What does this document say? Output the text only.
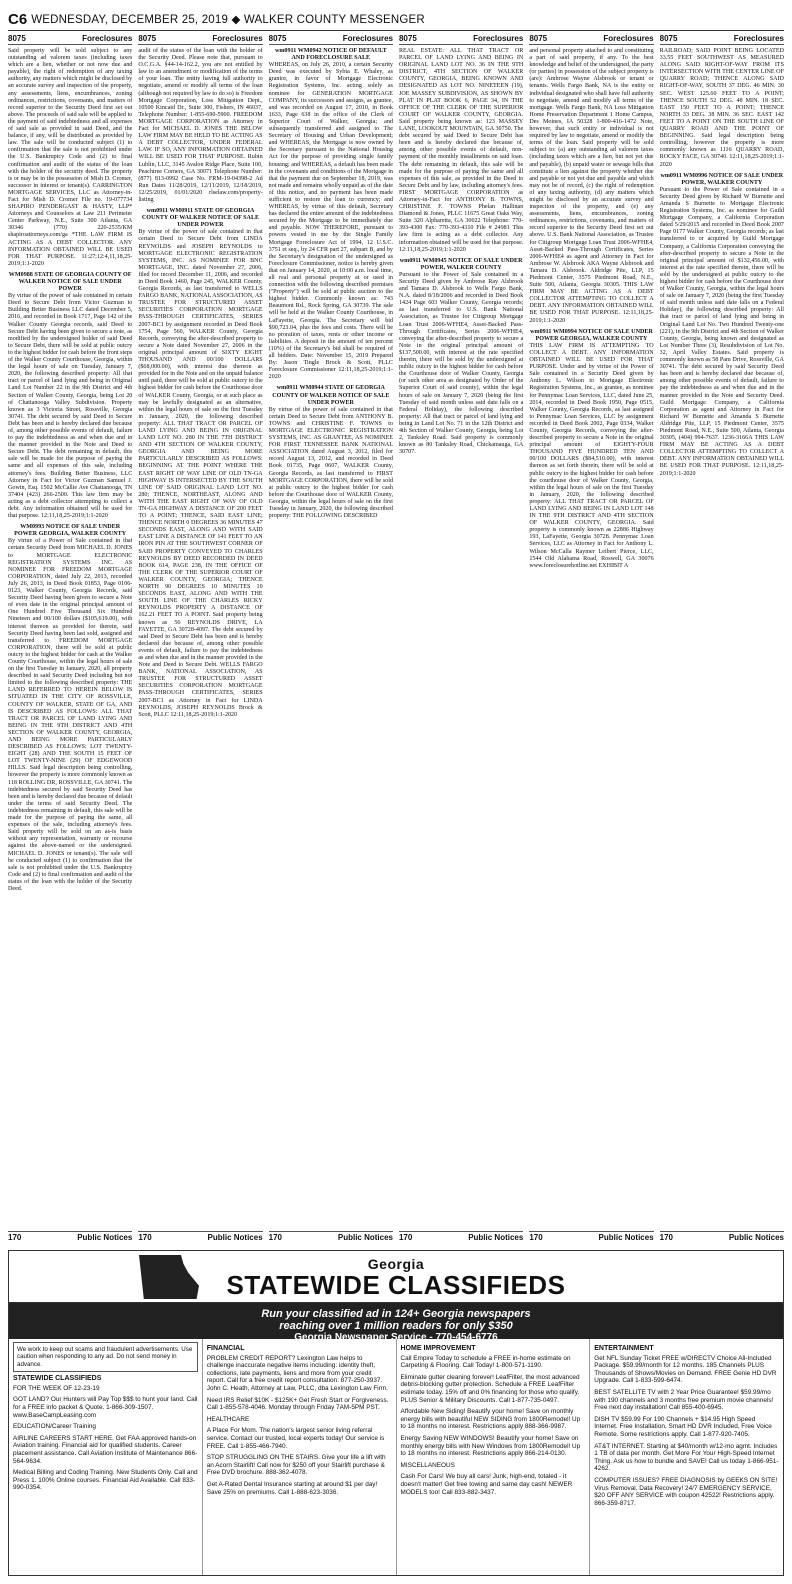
C6 WEDNESDAY, DECEMBER 25, 2019 ◆ WALKER COUNTY MESSENGER
8075	Foreclosures
Said property will be sold subject to any outstanding ad valorem taxes (including taxes which are a lien, whether or not now due and payable), the right of redemption of any taxing authority, any matters which might be disclosed by an accurate survey and inspection of the property, any assessments, liens, encumbrances, zoning ordinances, restrictions, covenants, and matters of record superior to the Security Deed first set out above. The proceeds of said sale will be applied to the payment of said indebtedness and all expenses of said sale as provided in said Deed, and the balance, if any, will be distributed as provided by law. The sale will be conducted subject (1) to confirmation that the sale is not prohibited under the U.S. Bankruptcy Code and (2) to final confirmation and audit of the status of the loan with the holder of the security deed. The property is or may be in the possession of Mish D. Cromer, successor in interest or tenant(s). CARRINGTON MORTGAGE SERVICES, LLC as Attorney-in-Fact for Mish D. Cromer File no. 19-077734 SHAPIRO PENDERGAST & HASTY, LLP* Attorneys and Counselors at Law 211 Perimeter Center Parkway, N.E., Suite 300 Atlanta, GA 30346 (770) 220-2535/KM shapiroattorneys.com/ga *THE LAW FIRM IS ACTING AS A DEBT COLLECTOR. ANY INFORMATION OBTAINED WILL BE USED FOR THAT PURPOSE. 11:27;12:4,11,18,25-2019;1:1-2020
WM0988 STATE OF GEORGIA COUNTY OF WALKER NOTICE OF SALE UNDER POWER
By virtue of the power of sale contained in certain Deed to Secure Debt from Victor Guzman to Building Better Business LLC dated December 5, 2016, and recorded in Book 1717, Page 142 of the Walker County Georgia records, said Deed to Secure Debt having been given to secure a note, as modified by the undersigned holder of said Deed to Secure Debt, there will be sold at public outcry to the highest bidder for cash before the front steps of the Walker County Courthouse, Georgia, within the legal hours of sale on Tuesday, January 7, 2020, the following described property: All that tract or parcel of land lying and being in Original Land Lot Number 22 in the 9th District and 4th Section of Walker County, Georgia, being Lot 20 of Chattanooga Valley Subdivision. Property known as 3 Victoria Street, Rossville, Georgia 30741. The debt secured by said Deed to Secure Debt has been and is hereby declared due because of, among other possible events of default, failure to pay the indebtedness as and when due and in the manner provided in the Note and Deed to Secure Debt. The debt remaining in default, this sale will be made for the purpose of paying the same and all expenses of this sale, including attorney's fees. Building Better Business, LLC Attorney in Fact for Victor Guzman Samuel J. Gowin, Esq. 1502 McCallie Ave Chattanooga, TN 37404 (423) 266-2500. This law firm may be acting as a debt collector attempting to collect a debt. Any information obtained will be used for that purpose. 12:11,18,25-2019;1:1-2020
WM0993 NOTICE OF SALE UNDER POWER GEORGIA, WALKER COUNTY
By virtue of a Power of Sale contained in that certain Security Deed from MICHAEL D. JONES to MORTGAGE ELECTRONIC REGISTRATION SYSTEMS INC. AS NOMINEE FOR FREEDOM MORTGAGE CORPORATION, dated July 22, 2013, recorded July 26, 2013, in Deed Book 01853, Page 0106-0123, Walker County, Georgia Records, said Security Deed having been given to secure a Note of even date in the original principal amount of One Hundred Five Thousand Six Hundred Nineteen and 00/100 dollars ($105,619.00), with interest thereon as provided for therein, said Security Deed having been last sold, assigned and transferred to FREEDOM MORTGAGE CORPORATION, there will be sold at public outcry to the highest bidder for cash at the Walker County Courthouse, within the legal hours of sale on the first Tuesday in January, 2020, all property described in said Security Deed including but not limited to the following described property: THE LAND REFERRED TO HEREIN BELOW IS SITUATED IN THE CITY OF ROSSVILLE, COUNTY OF WALKER, STATE OF GA, AND IS DESCRIBED AS FOLLOWS: ALL THAT TRACT OR PARCEL OF LAND LYING AND BEING IN THE 9TH DISTRICT AND 4TH SECTION OF WALKER COUNTY, GEORGIA, AND BEING MORE PARTICULARLY DESCRIBED AS FOLLOWS: LOT TWENTY-EIGHT (28) AND THE SOUTH 15 FEET OF LOT TWENTY-NINE (29) OF EDGEWOOD HILLS. Said legal description being controlling, however the property is more commonly known as 118 ROLLING DR, ROSSVILLE, GA 30741. The indebtedness secured by said Security Deed has been and is hereby declared due because of default under the terms of said Security Deed. The indebtedness remaining in default, this sale will be made for the purpose of paying the same, all expenses of the sale, including attorney's fees. Said property will be sold on an as-is basis without any representation, warranty or recourse against the above-named or the undersigned. MICHAEL D. JONES or tenant(s). The sale will be conducted subject (1) to confirmation that the sale is not prohibited under the U.S. Bankruptcy Code and (2) to final confirmation and audit of the status of the loan with the holder of the Security Deed.
170	Public Notices
8075	Foreclosures
audit of the status of the loan with the holder of the Security Deed. Please note that, pursuant to O.C.G.A. §44-14-162.2, you are not entitled by law to an amendment or modification of the terms of your loan. The entity having full authority to negotiate, amend or modify all terms of the loan (although not required by law to do so) is Freedom Mortgage Corporation, Loss Mitigation Dept., 10500 Kincaid Dr., Suite 300, Fishers, IN 46037, Telephone Number: 1-855-690-5900. FREEDOM MORTGAGE CORPORATION as Attorney in Fact for MICHAEL D. JONES THE BELOW LAW FIRM MAY BE HELD TO BE ACTING AS A DEBT COLLECTOR, UNDER FEDERAL LAW. IF SO, ANY INFORMATION OBTAINED WILL BE USED FOR THAT PURPOSE. Rubin Lublin, LLC, 3145 Avalon Ridge Place, Suite 100, Peachtree Corners, GA 30071 Telephone Number: (877) 813-0992 Case No. FRM-19-04398-2 Ad Run Dates 11/28/2019, 12/11/2019, 12/18/2019, 12/25/2019, 01/01/2020 rlselaw.com/property-listing
wm0911 WM0911 STATE OF GEORGIA COUNTY OF WALKER NOTICE OF SALE UNDER POWER
By virtue of the power of sale contained in that certain Deed to Secure Debt from LINDA REYNOLDS and JOSEPH REYNOLDS to MORTGAGE ELECTRONIC REGISTRATION SYSTEMS, INC. AS NOMINEE FOR BNC MORTGAGE, INC. dated November 27, 2006, filed for record December 11, 2006, and recorded in Deed Book 1460, Page 245, WALKER County, Georgia Records, as last transferred to WELLS FARGO BANK, NATIONAL ASSOCIATION, AS TRUSTEE FOR STRUCTURED ASSET SECURITIES CORPORATION MORTGAGE PASS-THROUGH CERTIFICATES, SERIES 2007-BC1 by assignment recorded in Deed Book 1754, Page 560, WALKER County, Georgia Records, conveying the after-described property to secure a Note dated November 27, 2006 in the original principal amount of SIXTY EIGHT THOUSAND AND 00/100 DOLLARS ($68,000.00), with interest due thereon as provided for in the Note and on the unpaid balance until paid, there will be sold at public outcry to the highest bidder for cash before the Courthouse door of WALKER County, Georgia, or at such place as may be lawfully designated as an alternative, within the legal hours of sale on the first Tuesday in January, 2020, the following described property: ALL THAT TRACT OR PARCEL OF LAND LYING AND BEING IN ORIGINAL LAND LOT NO. 280 IN THE 7TH DISTRICT AND 4TH SECTION OF WALKER COUNTY, GEORGIA AND BEING MORE PARTICULARLY DESCRIBED AS FOLLOWS: BEGINNING AT THE POINT WHERE THE EAST RIGHT OF WAY LINE OF OLD TN-GA HIGHWAY IS INTERSECTED BY THE SOUTH LINE OF SAID ORIGINAL LAND LOT NO. 280; THENCE, NORTHEAST, ALONG AND WITH THE EAST RIGHT OF WAY OF OLD TN-GA HIGHWAY A DISTANCE OF 200 FEET TO A POINT; THENCE, SAID EAST LINE; THENCE NORTH 0 DEGREES 36 MINUTES 47 SECONDS EAST, ALONG AND WITH SAID EAST LINE A DISTANCE OF 141 FEET TO AN IRON PIN AT THE SOUTHWEST CORNER OF SAID PROPERTY CONVEYED TO CHARLES REYNOLDS BY DEED RECORDED IN DEED BOOK 614, PAGE 238, IN THE OFFICE OF THE CLERK OF THE SUPERIOR COURT OF WALKER COUNTY, GEORGIA; THENCE NORTH 90 DEGREES 10 MINUTES 10 SECONDS EAST, ALONG AND WITH THE SOUTH LINE OF THE CHARLES RICKY REYNOLDS PROPERTY A DISTANCE OF 162.21 FEET TO A POINT. Said property being known as 56 REYNOLDS DRIVE, LA FAYETTE, GA 30728-4097. The debt secured by said Deed to Secure Debt has been and is hereby declared due because of, among other possible events of default, failure to pay the indebtedness as and when due and in the manner provided in the Note and Deed to Secure Debt. WELLS FARGO BANK, NATIONAL ASSOCIATION, AS TRUSTEE FOR STRUCTURED ASSET SECURITIES CORPORATION MORTGAGE PASS-THROUGH CERTIFICATES, SERIES 2007-BC1 as Attorney in Fact for LINDA REYNOLDS, JOSEPH REYNOLDS Brock & Scott, PLLC 12:11,18,25-2019;1:1-2020
170	Public Notices
8075	Foreclosures
wm0911 WM0942 NOTICE OF DEFAULT AND FORECLOSURE SALE
WHEREAS, on July 26, 2010, a certain Security Deed was executed by Sybia E. Whaley, as grantor, in favor of Mortgage Electronic Registration Systems, Inc. acting solely as nominee for GENERATION MORTGAGE COMPANY, its successors and assigns, as grantee, and was recorded on August 17, 2010, in Book 1633, Page 638 in the office of the Clerk of Superior Court of Walker, Georgia; and subsequently transferred and assigned to The Secretary of Housing and Urban Development; and WHEREAS, the Mortgage is now owned by the Secretary pursuant to the National Housing Act for the purpose of providing single family housing; and WHEREAS, a default has been made in the covenants and conditions of the Mortgage in that the payment due on September 18, 2019, was not made and remains wholly unpaid as of the date of this notice, and no payment has been made sufficient to restore the loan to currency; and WHEREAS, by virtue of this default, Secretary has declared the entire amount of the indebtedness secured by the Mortgage to be immediately due and payable. NOW THEREFORE, pursuant to powers vested in me by the Single Family Mortgage Foreclosure Act of 1994, 12 U.S.C. 3751 et seq., by 24 CFR part 27, subpart B, and by the Secretary's designation of the undersigned as Foreclosure Commissioner, notice is hereby given that on January 14, 2020, at 10:00 a.m. local time, all real and personal property at or used in connection with the following described premises ("Property") will be sold at public auction to the highest bidder. Commonly known as: 743 Beaumont Rd., Rock Spring, GA 30739. The sale will be held at the Walker County Courthouse, in LaFayette, Georgia. The Secretary will bid $90,723.04, plus the fees and costs. There will be no proration of taxes, rents or other income or liabilities. A deposit in the amount of ten percent (10%) of the Secretary's bid shall be required of all bidders. Date: November 15, 2019 Prepared By: Jason Tingle Brock & Scott, PLLC Foreclosure Commissioner 12:11,18,25-2019;1:1-2020
wm0911 WM0944 STATE OF GEORGIA COUNTY OF WALKER NOTICE OF SALE UNDER POWER
By virtue of the power of sale contained in that certain Deed to Secure Debt from ANTHONY B. TOWNS and CHRISTINE F. TOWNS to MORTGAGE ELECTRONIC REGISTRATION SYSTEMS, INC. AS GRANTEE, AS NOMINEE FOR FIRST TENNESSEE BANK NATIONAL ASSOCIATION dated August 3, 2012, filed for record August 13, 2012, and recorded in Deed Book 01735, Page 0607, WALKER County, Georgia Records, as last transferred to FIRST MORTGAGE CORPORATION, there will be sold at public outcry to the highest bidder for cash before the Courthouse door of WALKER County, Georgia, within the legal hours of sale on the first Tuesday in January, 2020, the following described property: THE FOLLOWING DESCRIBED
170	Public Notices
8075	Foreclosures
REAL ESTATE: ALL THAT TRACT OR PARCEL OF LAND LYING AND BEING IN ORIGINAL LAND LOT NO. 36 IN THE 9TH DISTRICT, 4TH SECTION OF WALKER COUNTY, GEORGIA, BEING KNOWN AND DESIGNATED AS LOT NO. NINETEEN (19), JOE MASSEY SUBDIVISION, AS SHOWN BY PLAT IN PLAT BOOK 6, PAGE 34, IN THE OFFICE OF THE CLERK OF THE SUPERIOR COURT OF WALKER COUNTY, GEORGIA. Said property being known as: 123 MASSEY LANE, LOOKOUT MOUNTAIN, GA 30750. The debt secured by said Deed to Secure Debt has been and is hereby declared due because of, among other possible events of default, non-payment of the monthly installments on said loan. The debt remaining in default, this sale will be made for the purpose of paying the same and all expenses of this sale, as provided in the Deed to Secure Debt and by law, including attorney's fees. FIRST MORTGAGE CORPORATION as Attorney-in-Fact for ANTHONY B. TOWNS, CHRISTINE F. TOWNS Phelan Hallinan Diamond & Jones, PLLC 11675 Great Oaks Way, Suite 320 Alpharetta, GA 30022 Telephone: 770-393-4300 Fax: 770-393-4310 File # 24981 This law firm is acting as a debt collector. Any information obtained will be used for that purpose. 12:11,18,25-2019;1:1-2020
wm0911 WM0945 NOTICE OF SALE UNDER POWER, WALKER COUNTY
Pursuant to the Power of Sale contained in a Security Deed given by Ambrose Ray Alsbrook and Tamara D. Alsbrook to Wells Fargo Bank, N.A. dated 8/18/2006 and recorded in Deed Book 1424 Page 603 Walker County, Georgia records; as last transferred to U.S. Bank National Association, as Trustee for Citigroup Mortgage Loan Trust 2006-WFHE4, Asset-Backed Pass-Through Certificates, Series 2006-WFHE4, conveying the after-described property to secure a Note in the original principal amount of $137,500.00, with interest at the rate specified therein, there will be sold by the undersigned at public outcry to the highest bidder for cash before the Courthouse door of Walker County, Georgia (or such other area as designated by Order of the Superior Court of said county), within the legal hours of sale on January 7, 2020 (being the first Tuesday of said month unless said date falls on a Federal Holiday), the following described property: All that tract or parcel of land lying and being in Land Lot No. 71 in the 12th District and 4th Section of Walker County, Georgia, being Lot 2, Tanksley Road. Said property is commonly known as 80 Tanksley Road, Chickamauga, GA 30707.
170	Public Notices
8075	Foreclosures
and personal property attached to and constituting a part of said property, if any. To the best knowledge and belief of the undersigned, the party (or parties) in possession of the subject property is (are): Ambrose Wayne Alsbrook or tenant or tenants. Wells Fargo Bank, NA is the entity or individual designated who shall have full authority to negotiate, amend and modify all terms of the mortgage. Wells Fargo Bank, NA Loss Mitigation Home Preservation Department 1 Home Campus, Des Moines, IA 50328 1-800-416-1472 Note, however, that such entity or individual is not required by law to negotiate, amend or modify the terms of the loan. Said property will be sold subject to: (a) any outstanding ad valorem taxes (including taxes which are a lien, but not yet due and payable), (b) unpaid water or sewage bills that constitute a lien against the property whether due and payable or not yet due and payable and which may not be of record, (c) the right of redemption of any taxing authority, (d) any matters which might be disclosed by an accurate survey and inspection of the property, and (e) any assessments, liens, encumbrances, zoning ordinances, restrictions, covenants, and matters of record superior to the Security Deed first set out above. U.S. Bank National Association, as Trustee for Citigroup Mortgage Loan Trust 2006-WFHE4, Asset-Backed Pass-Through Certificates, Series 2006-WFHE4 as agent and Attorney in Fact for Ambrose W. Alsbrook AKA Wayne Alsbrook and Tamara D. Alsbrook. Aldridge Pite, LLP, 15 Piedmont Center, 3575 Piedmont Road, N.E., Suite 500, Atlanta, Georgia 30305. THIS LAW FIRM MAY BE ACTING AS A DEBT COLLECTOR ATTEMPTING TO COLLECT A DEBT. ANY INFORMATION OBTAINED WILL BE USED FOR THAT PURPOSE. 12:11,18,25-2019;1:1-2020
wm0911 WM0994 NOTICE OF SALE UNDER POWER GEORGIA, WALKER COUNTY
THIS LAW FIRM IS ATTEMPTING TO COLLECT A DEBT. ANY INFORMATION OBTAINED WILL BE USED FOR THAT PURPOSE. Under and by virtue of the Power of Sale contained in a Security Deed given by Anthony L. Wilson to Mortgage Electronic Registration Systems, Inc., as grantee, as nominee for Pennymac Loan Services, LLC, dated June 25, 2014, recorded in Deed Book 1950, Page 0515, Walker County, Georgia Records, as last assigned to Pennymac Loan Services, LLC by assignment recorded in Deed Book 2002, Page 0334, Walker County, Georgia Records, conveying the after-described property to secure a Note in the original principal amount of EIGHTY-FOUR THOUSAND FIVE HUNDRED TEN AND 00/100 DOLLARS ($84,510.00), with interest thereon as set forth therein, there will be sold at public outcry to the highest bidder for cash before the courthouse door of Walker County, Georgia, within the legal hours of sale on the first Tuesday in January, 2020, the following described property: ALL THAT TRACT OR PARCEL OF LAND LYING AND BEING IN LAND LOT 148 IN THE 9TH DISTRICT AND 4TH SECTION OF WALKER COUNTY, GEORGIA. Said property is commonly known as 22886 Highway 193, LaFayette, Georgia 30728. Pennymac Loan Services, LLC as Attorney in Fact for Anthony L. Wilson McCalla Raymer Leibert Pierce, LLC, 1544 Old Alabama Road, Roswell, GA 30076 www.foreclosurehotline.net EXHIBIT A
170	Public Notices
8075	Foreclosures
RAILROAD; SAID POINT BEING LOCATED 33.55 FEET SOUTHWEST AS MEASURED ALONG SAID RIGHT-OF-WAY FROM ITS INTERSECTION WITH THE CENTER LINE OF QUARRY ROAD; THENCE ALONG SAID RIGHT-OF-WAY, SOUTH 37 DEG. 46 MIN. 30 SEC. WEST 125.60 FEET TO A POINT; THENCE SOUTH 52 DEG. 48 MIN. 18 SEC. EAST 150 FEET TO A POINT; THENCE NORTH 33 DEG. 38 MIN. 36 SEC. EAST 142 FEET TO A POINT ON THE SOUTH LINE OF QUARRY ROAD AND THE POINT OF BEGINNING. Said legal description being controlling, however the property is more commonly known as 1116 QUARRY ROAD, ROCKY FACE, GA 30740. 12:11,18,25-2019;1:1-2020
wm0911 WM0996 NOTICE OF SALE UNDER POWER, WALKER COUNTY
Pursuant to the Power of Sale contained in a Security Deed given by Richard W Burnette and Amanda S Burnette to Mortgage Electronic Registration Systems, Inc. as nominee for Guild Mortgage Company, a California Corporation dated 5/29/2015 and recorded in Deed Book 2007 Page 0177 Walker County, Georgia records; as last transferred to or acquired by Guild Mortgage Company, a California Corporation conveying the after-described property to secure a Note in the original principal amount of $132,456.00, with interest at the rate specified therein, there will be sold by the undersigned at public outcry to the highest bidder for cash before the Courthouse door of Walker County, Georgia, within the legal hours of sale on January 7, 2020 (being the first Tuesday of said month unless said date falls on a Federal Holiday), the following described property: All that tract or parcel of land lying and being in Original Land Lot No. Two Hundred Twenty-one (221), in the 9th District and 4th Section of Walker County, Georgia, being known and designated as Lot Number Three (3), Resubdivision of Lot No. 32, April Valley Estates. Said property is commonly known as 58 Pam Drive, Rossville, GA 30741. The debt secured by said Security Deed has been and is hereby declared due because of, among other possible events of default, failure to pay the indebtedness as and when due and in the manner provided in the Note and Security Deed. Guild Mortgage Company, a California Corporation as agent and Attorney in Fact for Richard W Burnette and Amanda S Burnette Aldridge Pite, LLP, 15 Piedmont Center, 3575 Piedmont Road, N.E., Suite 500, Atlanta, Georgia 30305, (404) 994-7637. 1236-3166A THIS LAW FIRM MAY BE ACTING AS A DEBT COLLECTOR ATTEMPTING TO COLLECT A DEBT. ANY INFORMATION OBTAINED WILL BE USED FOR THAT PURPOSE. 12:11,18,25-2019;1:1-2020
170	Public Notices
Georgia
STATEWIDE CLASSIFIEDS
Run your classified ad in 124+ Georgia newspapers
reaching over 1 million readers for only $350
Georgia Newspaper Service - 770-454-6776
We work to keep out scams and fraudulent advertisements. Use caution when responding to any ad. Do not send money in advance.
STATEWIDE CLASSIFIEDS
FOR THE WEEK OF 12-23-19
GOT LAND? Our Hunters will Pay Top $$$ to hunt your land. Call for a FREE info packet & Quote. 1-866-309-1507. www.BaseCampLeasing.com
EDUCATION/Career Training
AIRLINE CAREERS START HERE. Get FAA approved hands-on Aviation training. Financial aid for qualified students. Career placement assistance. Call Aviation Institute of Maintenance 866-564-9634.
Medical Billing and Coding Training. New Students Only. Call and Press 1. 100% Online courses. Financial Aid Available. Call 833-990-0354.
FINANCIAL
PROBLEM CREDIT REPORT? Lexington Law helps to challenge inaccurate negative items including: identity theft, collections, late payments, liens and more from your credit report. Call for a free credit report consultation: 877-250-3937. John C. Heath, Attorney at Law, PLLC, dba Lexington Law Firm.
Need IRS Relief $10K - $125K+ Get Fresh Start or Forgiveness. Call 1-855-578-4046. Monday through Friday 7AM-5PM PST.
HEALTHCARE
A Place For Mom. The nation's largest senior living referral service. Contact our trusted, local experts today! Our service is FREE. Call 1-855-466-7940.
STOP STRUGGLING ON THE STAIRS. Give your life a lift with an Acorn Stairlift! Call now for $250 off your Stairlift purchase & Free DVD brochure. 888-362-4078.
Get A-Rated Dental Insurance starting at around $1 per day! Save 25% on premiums. Call 1-888-623-3036.
HOME IMPROVEMENT
Call Empire Today to schedule a FREE in-home estimate on Carpeting & Flooring. Call Today! 1-800-571-1190.
Eliminate gutter cleaning forever! LeafFilter, the most advanced debris-blocking gutter protection. Schedule a FREE LeafFilter estimate today. 15% off and 0% financing for those who qualify. PLUS Senior & Military Discounts. Call 1-877-735-0497.
Affordable New Siding! Beautify your home! Save on monthly energy bills with beautiful NEW SIDING from 1800Remodel! Up to 18 months no interest. Restrictions apply 888-366-9987.
Energy Saving NEW WINDOWS! Beautify your home! Save on monthly energy bills with New Windows from 1800Remodel! Up to 18 months no interest. Restrictions apply 866-214-0130.
MISCELLANEOUS
Cash For Cars! We buy all cars! Junk, high-end, totaled - it doesn't matter! Get free towing and same day cash! NEWER MODELS too! Call 833-882-3437.
ENTERTAINMENT
Get NFL Sunday Ticket FREE w/DIRECTV Choice All-Included Package. $59.99/month for 12 months. 185 Channels PLUS Thousands of Shows/Movies on Demand. FREE Genie HD DVR Upgrade. Call 1-833-599-6474.
BEST SATELLITE TV with 2 Year Price Guarantee! $59.99/mo with 190 channels and 3 months free premium movie channels! Free next day installation! Call 855-400-6945.
DISH TV $59.99 For 190 Channels + $14.95 High Speed Internet. Free Installation, Smart HD DVR Included, Free Voice Remote. Some restrictions apply. Call 1-877-920-7405.
AT&T INTERNET. Starting at $40/month w/12-mo agmt. Includes 1 TB of data per month. Get More For Your High-Speed Internet Thing. Ask us how to bundle and SAVE! Call us today 1-866-951-4262.
COMPUTER ISSUES? FREE DIAGNOSIS by GEEKS ON SITE! Virus Removal, Data Recovery! 24/7 EMERGENCY SERVICE, $20 OFF ANY SERVICE with coupon 42522! Restrictions apply. 866-359-8717.
